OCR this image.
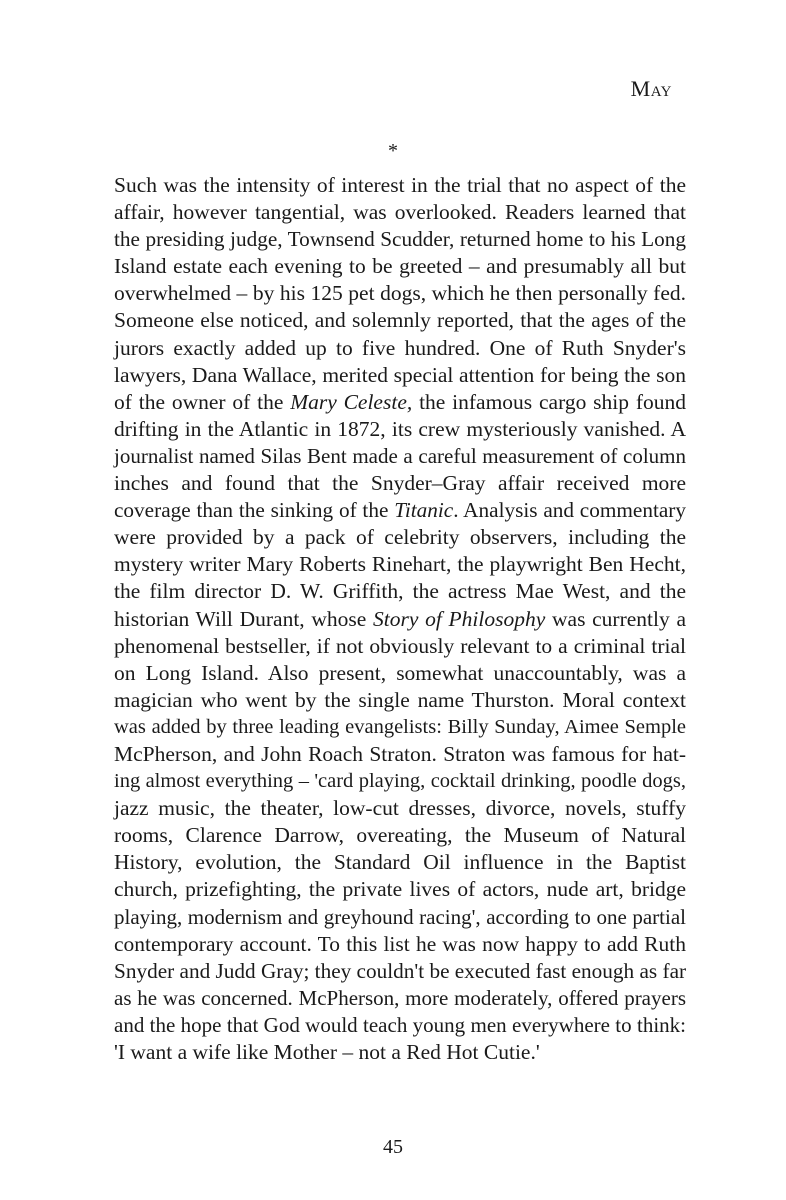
May
*

Such was the intensity of interest in the trial that no aspect of the
affair, however tangential, was overlooked. Readers learned that
the presiding judge, Townsend Scudder, returned home to his Long
Island estate each evening to be greeted – and presumably all but
overwhelmed – by his 125 pet dogs, which he then personally fed.
Someone else noticed, and solemnly reported, that the ages of the
jurors exactly added up to five hundred. One of Ruth Snyder's
lawyers, Dana Wallace, merited special attention for being the son
of the owner of the Mary Celeste, the infamous cargo ship found
drifting in the Atlantic in 1872, its crew mysteriously vanished. A
journalist named Silas Bent made a careful measurement of column
inches and found that the Snyder–Gray affair received more
coverage than the sinking of the Titanic. Analysis and commentary
were provided by a pack of celebrity observers, including the
mystery writer Mary Roberts Rinehart, the playwright Ben Hecht,
the film director D. W. Griffith, the actress Mae West, and the
historian Will Durant, whose Story of Philosophy was currently a
phenomenal bestseller, if not obviously relevant to a criminal trial
on Long Island. Also present, somewhat unaccountably, was a
magician who went by the single name Thurston. Moral context
was added by three leading evangelists: Billy Sunday, Aimee Semple
McPherson, and John Roach Straton. Straton was famous for hat-
ing almost everything – 'card playing, cocktail drinking, poodle dogs,
jazz music, the theater, low-cut dresses, divorce, novels, stuffy
rooms, Clarence Darrow, overeating, the Museum of Natural
History, evolution, the Standard Oil influence in the Baptist
church, prizefighting, the private lives of actors, nude art, bridge
playing, modernism and greyhound racing', according to one partial
contemporary account. To this list he was now happy to add Ruth
Snyder and Judd Gray; they couldn't be executed fast enough as far
as he was concerned. McPherson, more moderately, offered prayers
and the hope that God would teach young men everywhere to think:
'I want a wife like Mother – not a Red Hot Cutie.'

45
